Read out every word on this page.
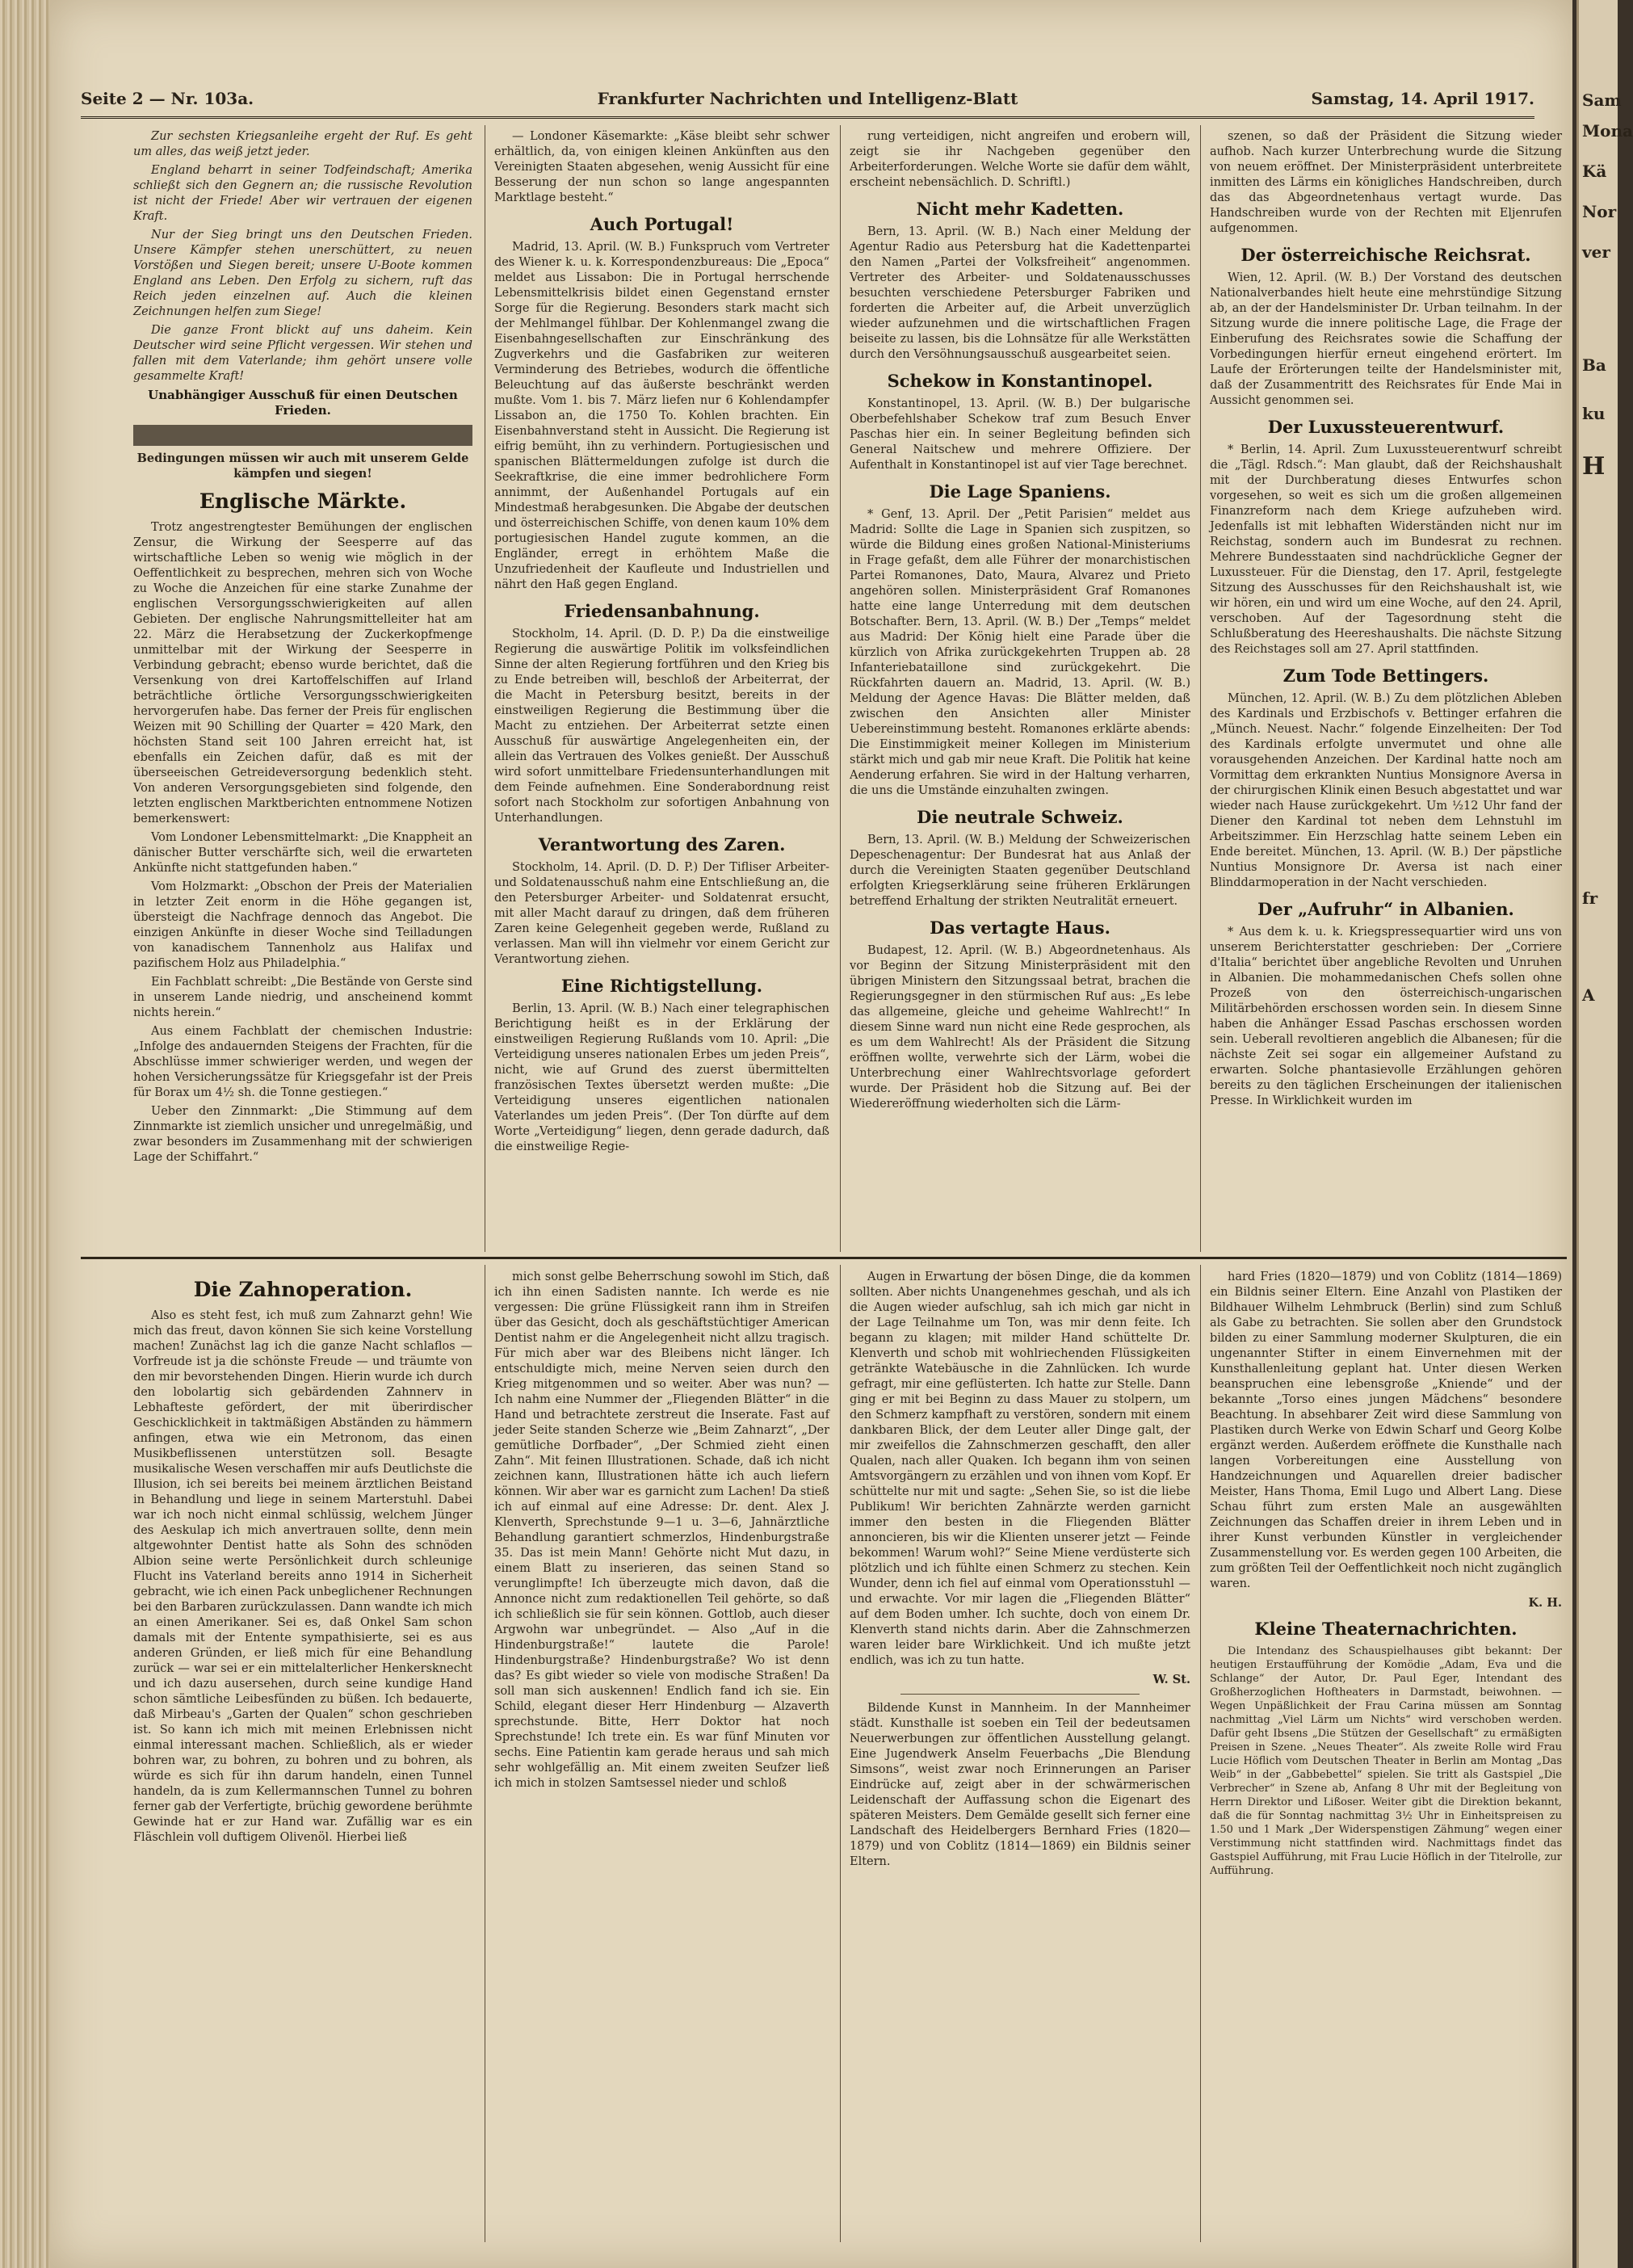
Sam
Mona
Kä
Nor
ver
Ba
ku
H
fr
A
Seite 2 — Nr. 103a.	Frankfurter Nachrichten und Intelligenz-Blatt	Samstag, 14. April 1917.

Zur sechsten Kriegsanleihe ergeht der Ruf. Es geht um alles, das weiß jetzt jeder.

England beharrt in seiner Todfeindschaft; Amerika schließt sich den Gegnern an; die russische Revolution ist nicht der Friede! Aber wir vertrauen der eigenen Kraft.

Nur der Sieg bringt uns den Deutschen Frieden. Unsere Kämpfer stehen unerschüttert, zu neuen Vorstößen und Siegen bereit; unsere U-Boote kommen England ans Leben. Den Erfolg zu sichern, ruft das Reich jeden einzelnen auf. Auch die kleinen Zeichnungen helfen zum Siege!

Die ganze Front blickt auf uns daheim. Kein Deutscher wird seine Pflicht vergessen. Wir stehen und fallen mit dem Vaterlande; ihm gehört unsere volle gesammelte Kraft!

Unabhängiger Ausschuß für einen Deutschen Frieden.

Bedingungen müssen wir auch mit unserem Gelde kämpfen und siegen!

Englische Märkte.

Trotz angestrengtester Bemühungen der englischen Zensur, die Wirkung der Seesperre auf das wirtschaftliche Leben so wenig wie möglich in der Oeffentlichkeit zu besprechen, mehren sich von Woche zu Woche die Anzeichen für eine starke Zunahme der englischen Versorgungsschwierigkeiten auf allen Gebieten. Der englische Nahrungsmittelleiter hat am 22. März die Herabsetzung der Zuckerkopfmenge unmittelbar mit der Wirkung der Seesperre in Verbindung gebracht; ebenso wurde berichtet, daß die Versenkung von drei Kartoffelschiffen auf Irland beträchtliche örtliche Versorgungsschwierigkeiten hervorgerufen habe. Das ferner der Preis für englischen Weizen mit 90 Schilling der Quarter = 420 Mark, den höchsten Stand seit 100 Jahren erreicht hat, ist ebenfalls ein Zeichen dafür, daß es mit der überseeischen Getreideversorgung bedenklich steht. Von anderen Versorgungsgebieten sind folgende, den letzten englischen Marktberichten entnommene Notizen bemerkenswert:

Vom Londoner Lebensmittelmarkt: „Die Knappheit an dänischer Butter verschärfte sich, weil die erwarteten Ankünfte nicht stattgefunden haben.“

Vom Holzmarkt: „Obschon der Preis der Materialien in letzter Zeit enorm in die Höhe gegangen ist, übersteigt die Nachfrage dennoch das Angebot. Die einzigen Ankünfte in dieser Woche sind Teilladungen von kanadischem Tannenholz aus Halifax und pazifischem Holz aus Philadelphia.“

Ein Fachblatt schreibt: „Die Bestände von Gerste sind in unserem Lande niedrig, und anscheinend kommt nichts herein.“

Aus einem Fachblatt der chemischen Industrie: „Infolge des andauernden Steigens der Frachten, für die Abschlüsse immer schwieriger werden, und wegen der hohen Versicherungssätze für Kriegsgefahr ist der Preis für Borax um 4½ sh. die Tonne gestiegen.“

Ueber den Zinnmarkt: „Die Stimmung auf dem Zinnmarkte ist ziemlich unsicher und unregelmäßig, und zwar besonders im Zusammenhang mit der schwierigen Lage der Schiffahrt.“

— Londoner Käsemarkte: „Käse bleibt sehr schwer erhältlich, da, von einigen kleinen Ankünften aus den Vereinigten Staaten abgesehen, wenig Aussicht für eine Besserung der nun schon so lange angespannten Marktlage besteht.“

Auch Portugal!

Madrid, 13. April. (W. B.) Funkspruch vom Vertreter des Wiener k. u. k. Korrespondenzbureaus: Die „Epoca“ meldet aus Lissabon: Die in Portugal herrschende Lebensmittelkrisis bildet einen Gegenstand ernster Sorge für die Regierung. Besonders stark macht sich der Mehlmangel fühlbar. Der Kohlenmangel zwang die Eisenbahngesellschaften zur Einschränkung des Zugverkehrs und die Gasfabriken zur weiteren Verminderung des Betriebes, wodurch die öffentliche Beleuchtung auf das äußerste beschränkt werden mußte. Vom 1. bis 7. März liefen nur 6 Kohlendampfer Lissabon an, die 1750 To. Kohlen brachten. Ein Eisenbahnverstand steht in Aussicht. Die Regierung ist eifrig bemüht, ihn zu verhindern. Portugiesischen und spanischen Blättermeldungen zufolge ist durch die Seekraftkrise, die eine immer bedrohlichere Form annimmt, der Außenhandel Portugals auf ein Mindestmaß herabgesunken. Die Abgabe der deutschen und österreichischen Schiffe, von denen kaum 10% dem portugiesischen Handel zugute kommen, an die Engländer, erregt in erhöhtem Maße die Unzufriedenheit der Kaufleute und Industriellen und nährt den Haß gegen England.

Friedensanbahnung.

Stockholm, 14. April. (D. D. P.) Da die einstweilige Regierung die auswärtige Politik im volksfeindlichen Sinne der alten Regierung fortführen und den Krieg bis zu Ende betreiben will, beschloß der Arbeiterrat, der die Macht in Petersburg besitzt, bereits in der einstweiligen Regierung die Bestimmung über die Macht zu entziehen. Der Arbeiterrat setzte einen Ausschuß für auswärtige Angelegenheiten ein, der allein das Vertrauen des Volkes genießt. Der Ausschuß wird sofort unmittelbare Friedensunterhandlungen mit dem Feinde aufnehmen. Eine Sonderabordnung reist sofort nach Stockholm zur sofortigen Anbahnung von Unterhandlungen.

Verantwortung des Zaren.

Stockholm, 14. April. (D. D. P.) Der Tifliser Arbeiter- und Soldatenausschuß nahm eine Entschließung an, die den Petersburger Arbeiter- und Soldatenrat ersucht, mit aller Macht darauf zu dringen, daß dem früheren Zaren keine Gelegenheit gegeben werde, Rußland zu verlassen. Man will ihn vielmehr vor einem Gericht zur Verantwortung ziehen.

Eine Richtigstellung.

Berlin, 13. April. (W. B.) Nach einer telegraphischen Berichtigung heißt es in der Erklärung der einstweiligen Regierung Rußlands vom 10. April: „Die Verteidigung unseres nationalen Erbes um jeden Preis“, nicht, wie auf Grund des zuerst übermittelten französischen Textes übersetzt werden mußte: „Die Verteidigung unseres eigentlichen nationalen Vaterlandes um jeden Preis“. (Der Ton dürfte auf dem Worte „Verteidigung“ liegen, denn gerade dadurch, daß die einstweilige Regie-

rung verteidigen, nicht angreifen und erobern will, zeigt sie ihr Nachgeben gegenüber den Arbeiterforderungen. Welche Worte sie dafür dem wählt, erscheint nebensächlich. D. Schriftl.)

Nicht mehr Kadetten.

Bern, 13. April. (W. B.) Nach einer Meldung der Agentur Radio aus Petersburg hat die Kadettenpartei den Namen „Partei der Volksfreiheit“ angenommen. Vertreter des Arbeiter- und Soldatenausschusses besuchten verschiedene Petersburger Fabriken und forderten die Arbeiter auf, die Arbeit unverzüglich wieder aufzunehmen und die wirtschaftlichen Fragen beiseite zu lassen, bis die Lohnsätze für alle Werkstätten durch den Versöhnungsausschuß ausgearbeitet seien.

Schekow in Konstantinopel.

Konstantinopel, 13. April. (W. B.) Der bulgarische Oberbefehlshaber Schekow traf zum Besuch Enver Paschas hier ein. In seiner Begleitung befinden sich General Naitschew und mehrere Offiziere. Der Aufenthalt in Konstantinopel ist auf vier Tage berechnet.

Die Lage Spaniens.

* Genf, 13. April. Der „Petit Parisien“ meldet aus Madrid: Sollte die Lage in Spanien sich zuspitzen, so würde die Bildung eines großen National-Ministeriums in Frage gefaßt, dem alle Führer der monarchistischen Partei Romanones, Dato, Maura, Alvarez und Prieto angehören sollen. Ministerpräsident Graf Romanones hatte eine lange Unterredung mit dem deutschen Botschafter. Bern, 13. April. (W. B.) Der „Temps“ meldet aus Madrid: Der König hielt eine Parade über die kürzlich von Afrika zurückgekehrten Truppen ab. 28 Infanteriebataillone sind zurückgekehrt. Die Rückfahrten dauern an. Madrid, 13. April. (W. B.) Meldung der Agence Havas: Die Blätter melden, daß zwischen den Ansichten aller Minister Uebereinstimmung besteht. Romanones erklärte abends: Die Einstimmigkeit meiner Kollegen im Ministerium stärkt mich und gab mir neue Kraft. Die Politik hat keine Aenderung erfahren. Sie wird in der Haltung verharren, die uns die Umstände einzuhalten zwingen.

Die neutrale Schweiz.

Bern, 13. April. (W. B.) Meldung der Schweizerischen Depeschenagentur: Der Bundesrat hat aus Anlaß der durch die Vereinigten Staaten gegenüber Deutschland erfolgten Kriegserklärung seine früheren Erklärungen betreffend Erhaltung der strikten Neutralität erneuert.

Das vertagte Haus.

Budapest, 12. April. (W. B.) Abgeordnetenhaus. Als vor Beginn der Sitzung Ministerpräsident mit den übrigen Ministern den Sitzungssaal betrat, brachen die Regierungsgegner in den stürmischen Ruf aus: „Es lebe das allgemeine, gleiche und geheime Wahlrecht!“ In diesem Sinne ward nun nicht eine Rede gesprochen, als es um dem Wahlrecht! Als der Präsident die Sitzung eröffnen wollte, verwehrte sich der Lärm, wobei die Unterbrechung einer Wahlrechtsvorlage gefordert wurde. Der Präsident hob die Sitzung auf. Bei der Wiedereröffnung wiederholten sich die Lärm-

szenen, so daß der Präsident die Sitzung wieder aufhob. Nach kurzer Unterbrechung wurde die Sitzung von neuem eröffnet. Der Ministerpräsident unterbreitete inmitten des Lärms ein königliches Handschreiben, durch das das Abgeordnetenhaus vertagt wurde. Das Handschreiben wurde von der Rechten mit Eljenrufen aufgenommen.

Der österreichische Reichsrat.

Wien, 12. April. (W. B.) Der Vorstand des deutschen Nationalverbandes hielt heute eine mehrstündige Sitzung ab, an der der Handelsminister Dr. Urban teilnahm. In der Sitzung wurde die innere politische Lage, die Frage der Einberufung des Reichsrates sowie die Schaffung der Vorbedingungen hierfür erneut eingehend erörtert. Im Laufe der Erörterungen teilte der Handelsminister mit, daß der Zusammentritt des Reichsrates für Ende Mai in Aussicht genommen sei.

Der Luxussteuerentwurf.

* Berlin, 14. April. Zum Luxussteuerentwurf schreibt die „Tägl. Rdsch.“: Man glaubt, daß der Reichshaushalt mit der Durchberatung dieses Entwurfes schon vorgesehen, so weit es sich um die großen allgemeinen Finanzreform nach dem Kriege aufzuheben wird. Jedenfalls ist mit lebhaften Widerständen nicht nur im Reichstag, sondern auch im Bundesrat zu rechnen. Mehrere Bundesstaaten sind nachdrückliche Gegner der Luxussteuer. Für die Dienstag, den 17. April, festgelegte Sitzung des Ausschusses für den Reichshaushalt ist, wie wir hören, ein und wird um eine Woche, auf den 24. April, verschoben. Auf der Tagesordnung steht die Schlußberatung des Heereshaushalts. Die nächste Sitzung des Reichstages soll am 27. April stattfinden.

Zum Tode Bettingers.

München, 12. April. (W. B.) Zu dem plötzlichen Ableben des Kardinals und Erzbischofs v. Bettinger erfahren die „Münch. Neuest. Nachr.“ folgende Einzelheiten: Der Tod des Kardinals erfolgte unvermutet und ohne alle vorausgehenden Anzeichen. Der Kardinal hatte noch am Vormittag dem erkrankten Nuntius Monsignore Aversa in der chirurgischen Klinik einen Besuch abgestattet und war wieder nach Hause zurückgekehrt. Um ½12 Uhr fand der Diener den Kardinal tot neben dem Lehnstuhl im Arbeitszimmer. Ein Herzschlag hatte seinem Leben ein Ende bereitet. München, 13. April. (W. B.) Der päpstliche Nuntius Monsignore Dr. Aversa ist nach einer Blinddarmoperation in der Nacht verschieden.

Der „Aufruhr“ in Albanien.

* Aus dem k. u. k. Kriegspressequartier wird uns von unserem Berichterstatter geschrieben: Der „Corriere d'Italia“ berichtet über angebliche Revolten und Unruhen in Albanien. Die mohammedanischen Chefs sollen ohne Prozeß von den österreichisch-ungarischen Militärbehörden erschossen worden sein. In diesem Sinne haben die Anhänger Essad Paschas erschossen worden sein. Ueberall revoltieren angeblich die Albanesen; für die nächste Zeit sei sogar ein allgemeiner Aufstand zu erwarten. Solche phantasievolle Erzählungen gehören bereits zu den täglichen Erscheinungen der italienischen Presse. In Wirklichkeit wurden im

Die Zahnoperation.

Also es steht fest, ich muß zum Zahnarzt gehn! Wie mich das freut, davon können Sie sich keine Vorstellung machen! Zunächst lag ich die ganze Nacht schlaflos — Vorfreude ist ja die schönste Freude — und träumte von den mir bevorstehenden Dingen. Hierin wurde ich durch den lobolartig sich gebärdenden Zahnnerv in Lebhafteste gefördert, der mit überirdischer Geschicklichkeit in taktmäßigen Abständen zu hämmern anfingen, etwa wie ein Metronom, das einen Musikbeflissenen unterstützen soll. Besagte musikalische Wesen verschaffen mir aufs Deutlichste die Illusion, ich sei bereits bei meinem ärztlichen Beistand in Behandlung und liege in seinem Marterstuhl. Dabei war ich noch nicht einmal schlüssig, welchem Jünger des Aeskulap ich mich anvertrauen sollte, denn mein altgewohnter Dentist hatte als Sohn des schnöden Albion seine werte Persönlichkeit durch schleunige Flucht ins Vaterland bereits anno 1914 in Sicherheit gebracht, wie ich einen Pack unbeglichener Rechnungen bei den Barbaren zurückzulassen. Dann wandte ich mich an einen Amerikaner. Sei es, daß Onkel Sam schon damals mit der Entente sympathisierte, sei es aus anderen Gründen, er ließ mich für eine Behandlung zurück — war sei er ein mittelalterlicher Henkersknecht und ich dazu ausersehen, durch seine kundige Hand schon sämtliche Leibesfünden zu büßen. Ich bedauerte, daß Mirbeau's „Garten der Qualen“ schon geschrieben ist. So kann ich mich mit meinen Erlebnissen nicht einmal interessant machen. Schließlich, als er wieder bohren war, zu bohren, zu bohren und zu bohren, als würde es sich für ihn darum handeln, einen Tunnel handeln, da is zum Kellermannschen Tunnel zu bohren ferner gab der Verfertigte, brüchig gewordene berühmte Gewinde hat er zur Hand war. Zufällig war es ein Fläschlein voll duftigem Olivenöl. Hierbei ließ

mich sonst gelbe Beherrschung sowohl im Stich, daß ich ihn einen Sadisten nannte. Ich werde es nie vergessen: Die grüne Flüssigkeit rann ihm in Streifen über das Gesicht, doch als geschäftstüchtiger American Dentist nahm er die Angelegenheit nicht allzu tragisch. Für mich aber war des Bleibens nicht länger. Ich entschuldigte mich, meine Nerven seien durch den Krieg mitgenommen und so weiter. Aber was nun? — Ich nahm eine Nummer der „Fliegenden Blätter“ in die Hand und betrachtete zerstreut die Inserate. Fast auf jeder Seite standen Scherze wie „Beim Zahnarzt“, „Der gemütliche Dorfbader“, „Der Schmied zieht einen Zahn“. Mit feinen Illustrationen. Schade, daß ich nicht zeichnen kann, Illustrationen hätte ich auch liefern können. Wir aber war es garnicht zum Lachen! Da stieß ich auf einmal auf eine Adresse: Dr. dent. Alex J. Klenverth, Sprechstunde 9—1 u. 3—6, Jahnärztliche Behandlung garantiert schmerzlos, Hindenburgstraße 35. Das ist mein Mann! Gehörte nicht Mut dazu, in einem Blatt zu inserieren, das seinen Stand so verunglimpfte! Ich überzeugte mich davon, daß die Annonce nicht zum redaktionellen Teil gehörte, so daß ich schließlich sie für sein können. Gottlob, auch dieser Argwohn war unbegründet. — Also „Auf in die Hindenburgstraße!“ lautete die Parole! Hindenburgstraße? Hindenburgstraße? Wo ist denn das? Es gibt wieder so viele von modische Straßen! Da soll man sich auskennen! Endlich fand ich sie. Ein Schild, elegant dieser Herr Hindenburg — Alzaverth sprechstunde. Bitte, Herr Doktor hat noch Sprechstunde! Ich trete ein. Es war fünf Minuten vor sechs. Eine Patientin kam gerade heraus und sah mich sehr wohlgefällig an. Mit einem zweiten Seufzer ließ ich mich in stolzen Samtsessel nieder und schloß

Augen in Erwartung der bösen Dinge, die da kommen sollten. Aber nichts Unangenehmes geschah, und als ich die Augen wieder aufschlug, sah ich mich gar nicht in der Lage Teilnahme um Ton, was mir denn feite. Ich begann zu klagen; mit milder Hand schüttelte Dr. Klenverth und schob mit wohlriechenden Flüssigkeiten getränkte Watebäusche in die Zahnlücken. Ich wurde gefragt, mir eine geflüsterten. Ich hatte zur Stelle. Dann ging er mit bei Beginn zu dass Mauer zu stolpern, um den Schmerz kampfhaft zu verstören, sondern mit einem dankbaren Blick, der dem Leuter aller Dinge galt, der mir zweifellos die Zahnschmerzen geschafft, den aller Qualen, nach aller Quaken. Ich begann ihm von seinen Amtsvorgängern zu erzählen und von ihnen vom Kopf. Er schüttelte nur mit und sagte: „Sehen Sie, so ist die liebe Publikum! Wir berichten Zahnärzte werden garnicht immer den besten in die Fliegenden Blätter annoncieren, bis wir die Klienten unserer jetzt — Feinde bekommen! Warum wohl?“ Seine Miene verdüsterte sich plötzlich und ich fühlte einen Schmerz zu stechen. Kein Wunder, denn ich fiel auf einmal vom Operationsstuhl — und erwachte. Vor mir lagen die „Fliegenden Blätter“ auf dem Boden umher. Ich suchte, doch von einem Dr. Klenverth stand nichts darin. Aber die Zahnschmerzen waren leider bare Wirklichkeit. Und ich mußte jetzt endlich, was ich zu tun hatte.

W. St.

Bildende Kunst in Mannheim. In der Mannheimer städt. Kunsthalle ist soeben ein Teil der bedeutsamen Neuerwerbungen zur öffentlichen Ausstellung gelangt. Eine Jugendwerk Anselm Feuerbachs „Die Blendung Simsons“, weist zwar noch Erinnerungen an Pariser Eindrücke auf, zeigt aber in der schwärmerischen Leidenschaft der Auffassung schon die Eigenart des späteren Meisters. Dem Gemälde gesellt sich ferner eine Landschaft des Heidelbergers Bernhard Fries (1820—1879) und von Coblitz (1814—1869) ein Bildnis seiner Eltern.

hard Fries (1820—1879) und von Coblitz (1814—1869) ein Bildnis seiner Eltern. Eine Anzahl von Plastiken der Bildhauer Wilhelm Lehmbruck (Berlin) sind zum Schluß als Gabe zu betrachten. Sie sollen aber den Grundstock bilden zu einer Sammlung moderner Skulpturen, die ein ungenannter Stifter in einem Einvernehmen mit der Kunsthallenleitung geplant hat. Unter diesen Werken beanspruchen eine lebensgroße „Kniende“ und der bekannte „Torso eines jungen Mädchens“ besondere Beachtung. In absehbarer Zeit wird diese Sammlung von Plastiken durch Werke von Edwin Scharf und Georg Kolbe ergänzt werden. Außerdem eröffnete die Kunsthalle nach langen Vorbereitungen eine Ausstellung von Handzeichnungen und Aquarellen dreier badischer Meister, Hans Thoma, Emil Lugo und Albert Lang. Diese Schau führt zum ersten Male an ausgewählten Zeichnungen das Schaffen dreier in ihrem Leben und in ihrer Kunst verbunden Künstler in vergleichender Zusammenstellung vor. Es werden gegen 100 Arbeiten, die zum größten Teil der Oeffentlichkeit noch nicht zugänglich waren.

K. H.

Kleine Theaternachrichten.

Die Intendanz des Schauspielhauses gibt bekannt: Der heutigen Erstaufführung der Komödie „Adam, Eva und die Schlange“ der Autor, Dr. Paul Eger, Intendant des Großherzoglichen Hoftheaters in Darmstadt, beiwohnen. — Wegen Unpäßlichkeit der Frau Carina müssen am Sonntag nachmittag „Viel Lärm um Nichts“ wird verschoben werden. Dafür geht Ibsens „Die Stützen der Gesellschaft“ zu ermäßigten Preisen in Szene. „Neues Theater“. Als zweite Rolle wird Frau Lucie Höflich vom Deutschen Theater in Berlin am Montag „Das Weib“ in der „Gabbebettel“ spielen. Sie tritt als Gastspiel „Die Verbrecher“ in Szene ab, Anfang 8 Uhr mit der Begleitung von Herrn Direktor und Lißoser. Weiter gibt die Direktion bekannt, daß die für Sonntag nachmittag 3½ Uhr in Einheitspreisen zu 1.50 und 1 Mark „Der Widerspenstigen Zähmung“ wegen einer Verstimmung nicht stattfinden wird. Nachmittags findet das Gastspiel Aufführung, mit Frau Lucie Höflich in der Titelrolle, zur Aufführung.
